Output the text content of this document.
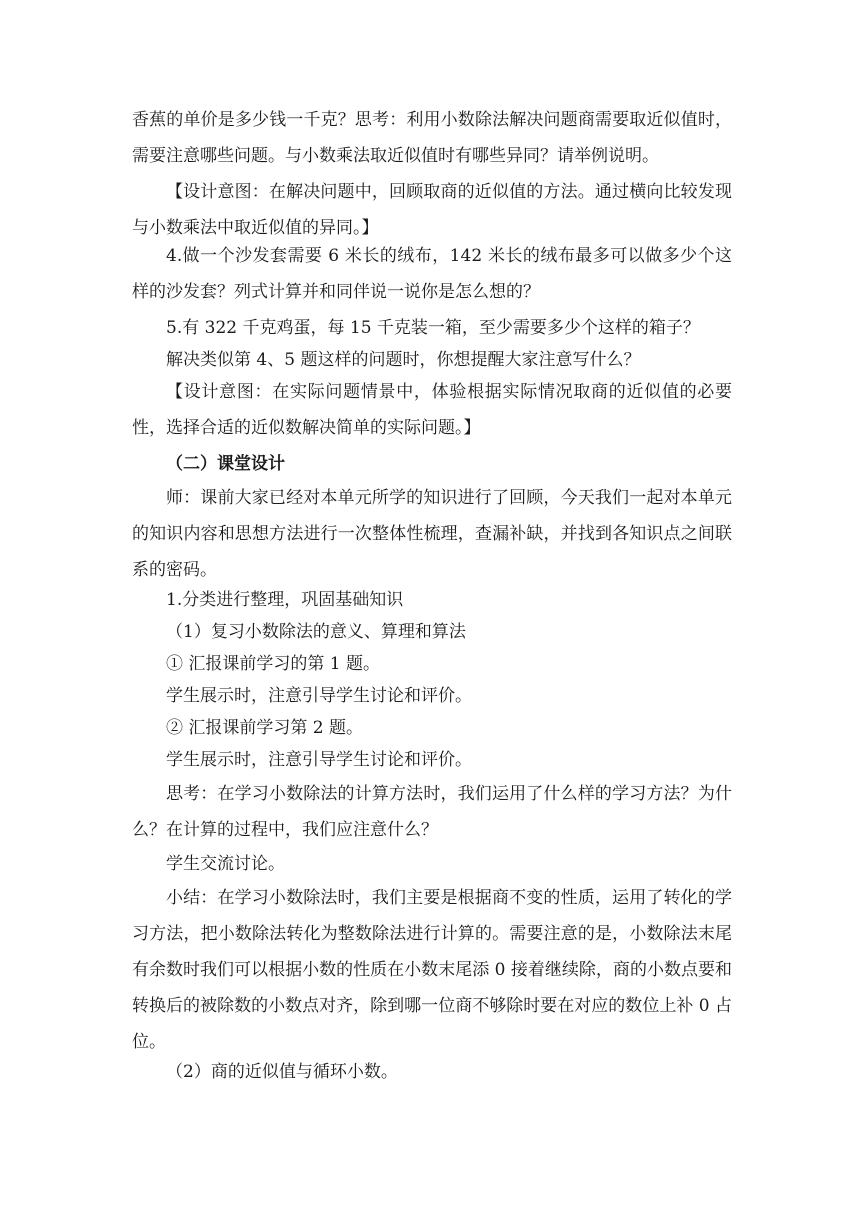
香蕉的单价是多少钱一千克？思考：利用小数除法解决问题商需要取近似值时，需要注意哪些问题。与小数乘法取近似值时有哪些异同？请举例说明。

【设计意图：在解决问题中，回顾取商的近似值的方法。通过横向比较发现与小数乘法中取近似值的异同。】

4.做一个沙发套需要 6 米长的绒布，142 米长的绒布最多可以做多少个这样的沙发套？列式计算并和同伴说一说你是怎么想的？

5.有 322 千克鸡蛋，每 15 千克装一箱，至少需要多少个这样的箱子？

解决类似第 4、5 题这样的问题时，你想提醒大家注意写什么？

【设计意图：在实际问题情景中，体验根据实际情况取商的近似值的必要性，选择合适的近似数解决简单的实际问题。】

（二）课堂设计

师：课前大家已经对本单元所学的知识进行了回顾，今天我们一起对本单元的知识内容和思想方法进行一次整体性梳理，查漏补缺，并找到各知识点之间联系的密码。

1.分类进行整理，巩固基础知识

（1）复习小数除法的意义、算理和算法

① 汇报课前学习的第 1 题。

学生展示时，注意引导学生讨论和评价。

② 汇报课前学习第 2 题。

学生展示时，注意引导学生讨论和评价。

思考：在学习小数除法的计算方法时，我们运用了什么样的学习方法？为什么？在计算的过程中，我们应注意什么？

学生交流讨论。

小结：在学习小数除法时，我们主要是根据商不变的性质，运用了转化的学习方法，把小数除法转化为整数除法进行计算的。需要注意的是，小数除法末尾有余数时我们可以根据小数的性质在小数末尾添 0 接着继续除，商的小数点要和转换后的被除数的小数点对齐，除到哪一位商不够除时要在对应的数位上补 0 占位。

（2）商的近似值与循环小数。
